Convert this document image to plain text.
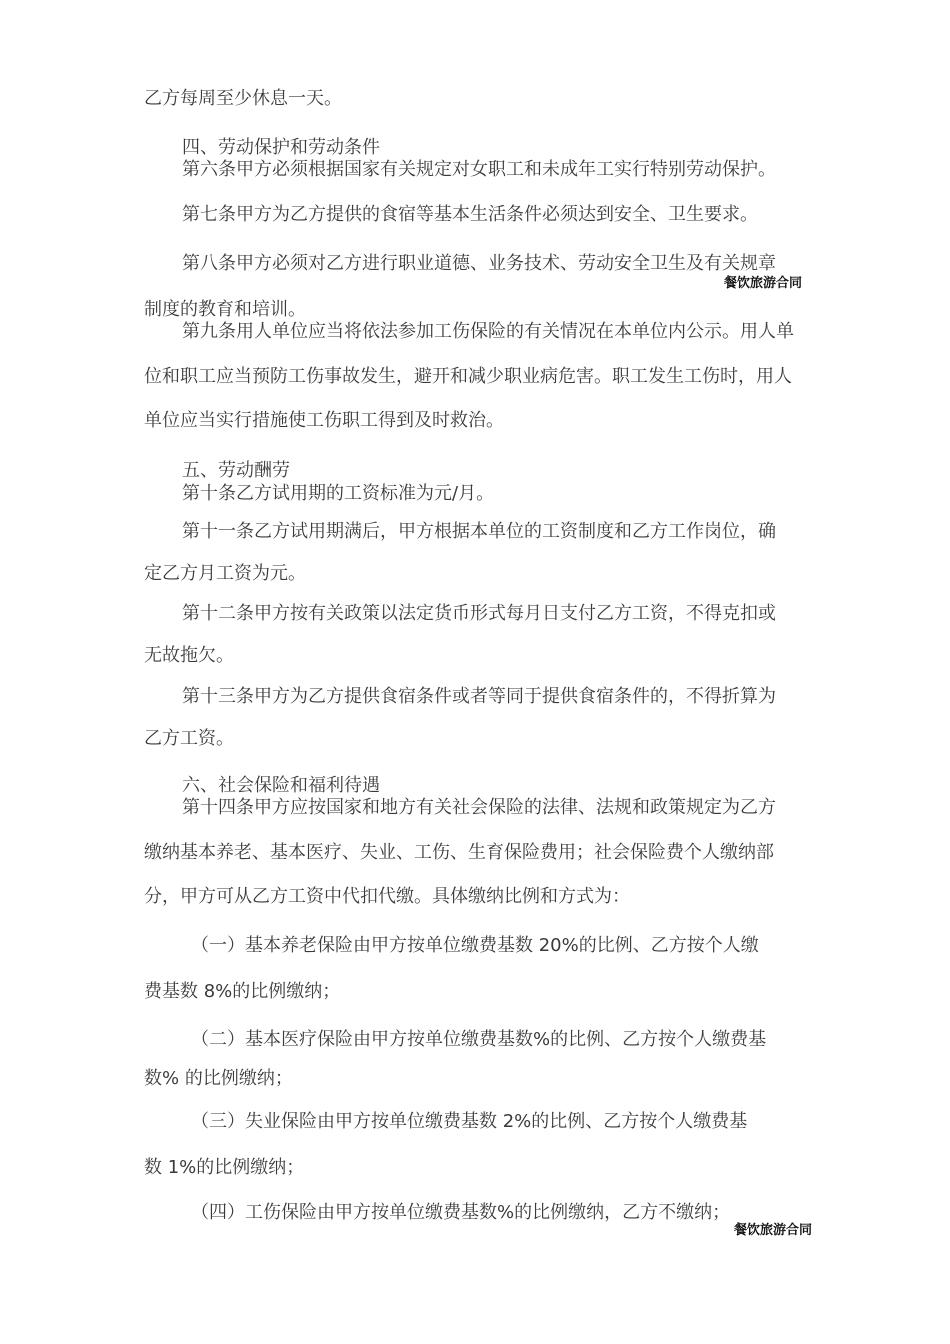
乙方每周至少休息一天。

四、劳动保护和劳动条件

第六条甲方必须根据国家有关规定对女职工和未成年工实行特别劳动保护。

第七条甲方为乙方提供的食宿等基本生活条件必须达到安全、卫生要求。

第八条甲方必须对乙方进行职业道德、业务技术、劳动安全卫生及有关规章

制度的教育和培训。

第九条用人单位应当将依法参加工伤保险的有关情况在本单位内公示。用人单

位和职工应当预防工伤事故发生，避开和减少职业病危害。职工发生工伤时，用人

单位应当实行措施使工伤职工得到及时救治。

五、劳动酬劳

第十条乙方试用期的工资标准为元/月。

第十一条乙方试用期满后，甲方根据本单位的工资制度和乙方工作岗位，确

定乙方月工资为元。

第十二条甲方按有关政策以法定货币形式每月日支付乙方工资，不得克扣或

无故拖欠。

第十三条甲方为乙方提供食宿条件或者等同于提供食宿条件的，不得折算为

乙方工资。

六、社会保险和福利待遇

第十四条甲方应按国家和地方有关社会保险的法律、法规和政策规定为乙方

缴纳基本养老、基本医疗、失业、工伤、生育保险费用；社会保险费个人缴纳部

分，甲方可从乙方工资中代扣代缴。具体缴纳比例和方式为：

（一）基本养老保险由甲方按单位缴费基数 20%的比例、乙方按个人缴

费基数 8%的比例缴纳；

（二）基本医疗保险由甲方按单位缴费基数%的比例、乙方按个人缴费基

数% 的比例缴纳；

（三）失业保险由甲方按单位缴费基数 2%的比例、乙方按个人缴费基

数 1%的比例缴纳；

（四）工伤保险由甲方按单位缴费基数%的比例缴纳，乙方不缴纳；

餐饮旅游合同
餐饮旅游合同
